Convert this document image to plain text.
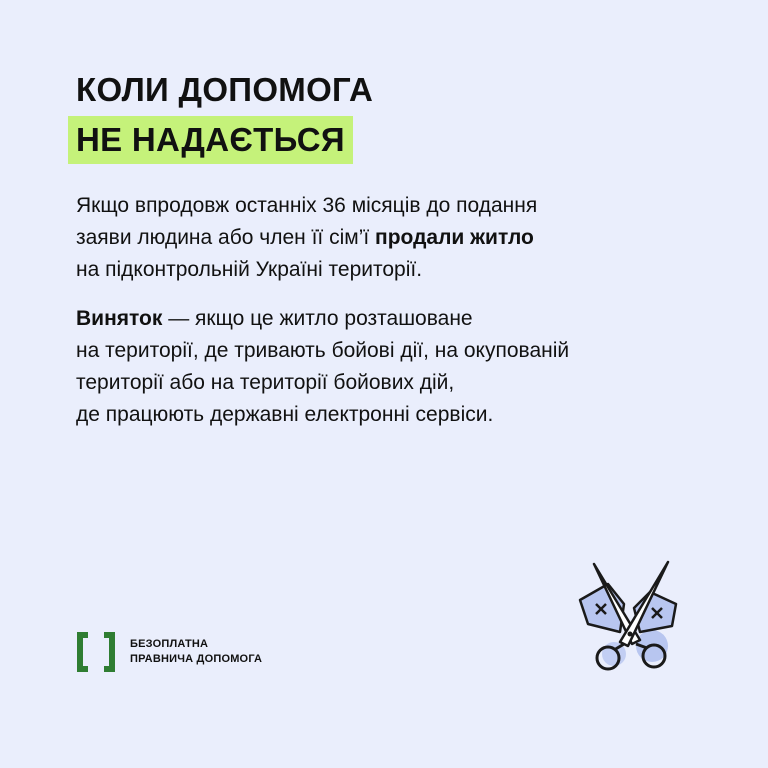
КОЛИ ДОПОМОГА
НЕ НАДАЄТЬСЯ

Якщо впродовж останніх 36 місяців до подання
заяви людина або член її сім’ї продали житло
на підконтрольній Україні території.

Виняток — якщо це житло розташоване
на території, де тривають бойові дії, на окупованій
території або на території бойових дій,
де працюють державні електронні сервіси.

БЕЗОПЛАТНА
ПРАВНИЧА ДОПОМОГА
